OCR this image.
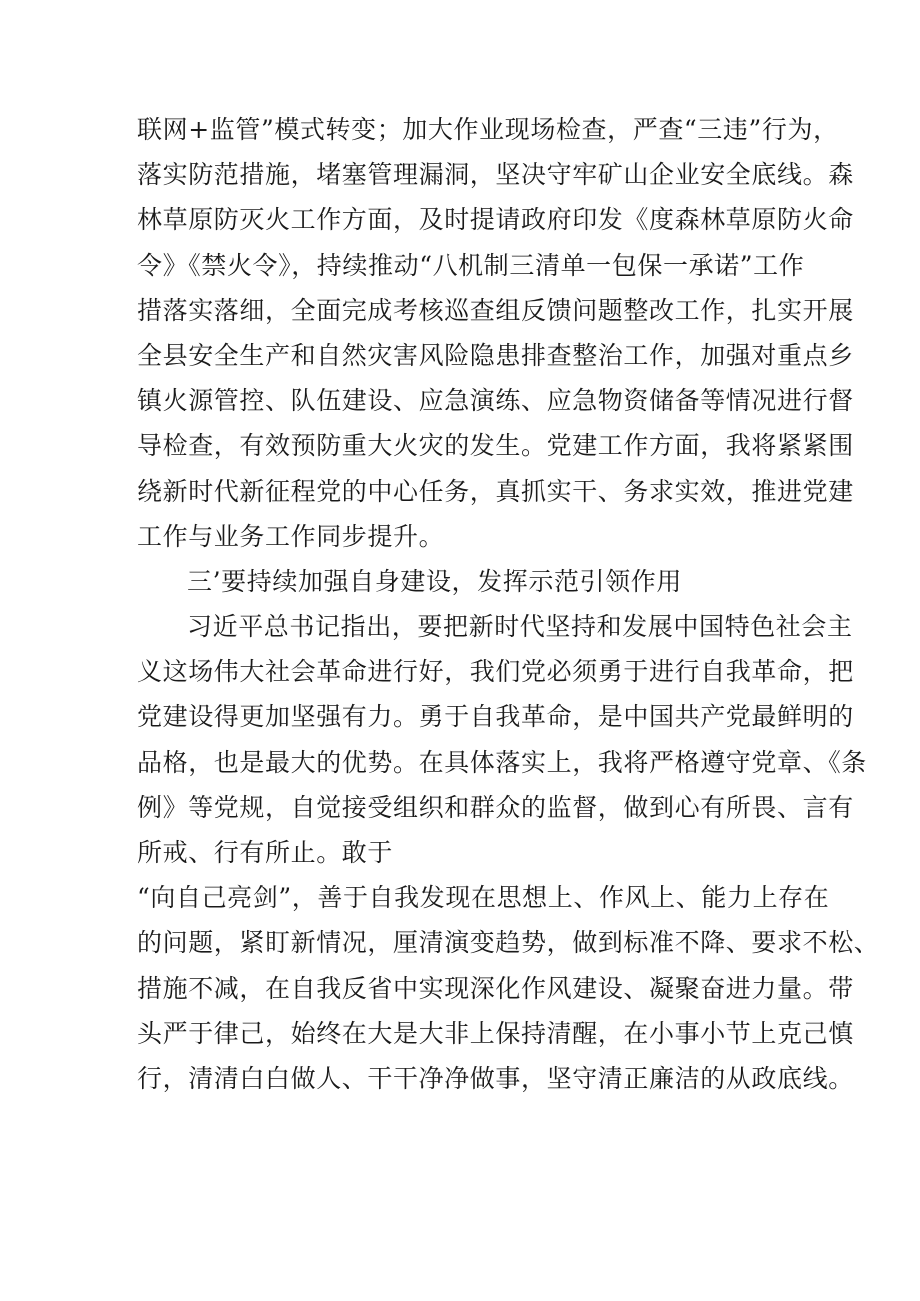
联网+监管”模式转变；加大作业现场检查，严查“三违”行为，
落实防范措施，堵塞管理漏洞，坚决守牢矿山企业安全底线。森
林草原防灭火工作方面，及时提请政府印发《度森林草原防火命
令》《禁火令》，持续推动“八机制三清单一包保一承诺”工作
措落实落细，全面完成考核巡查组反馈问题整改工作，扎实开展
全县安全生产和自然灾害风险隐患排查整治工作，加强对重点乡
镇火源管控、队伍建设、应急演练、应急物资储备等情况进行督
导检查，有效预防重大火灾的发生。党建工作方面，我将紧紧围
绕新时代新征程党的中心任务，真抓实干、务求实效，推进党建
工作与业务工作同步提升。
三’要持续加强自身建设，发挥示范引领作用
习近平总书记指出，要把新时代坚持和发展中国特色社会主
义这场伟大社会革命进行好，我们党必须勇于进行自我革命，把
党建设得更加坚强有力。勇于自我革命，是中国共产党最鲜明的
品格，也是最大的优势。在具体落实上，我将严格遵守党章、《条
例》等党规，自觉接受组织和群众的监督，做到心有所畏、言有
所戒、行有所止。敢于
“向自己亮剑”，善于自我发现在思想上、作风上、能力上存在
的问题，紧盯新情况，厘清演变趋势，做到标准不降、要求不松、
措施不减，在自我反省中实现深化作风建设、凝聚奋进力量。带
头严于律己，始终在大是大非上保持清醒，在小事小节上克己慎
行，清清白白做人、干干净净做事，坚守清正廉洁的从政底线。
